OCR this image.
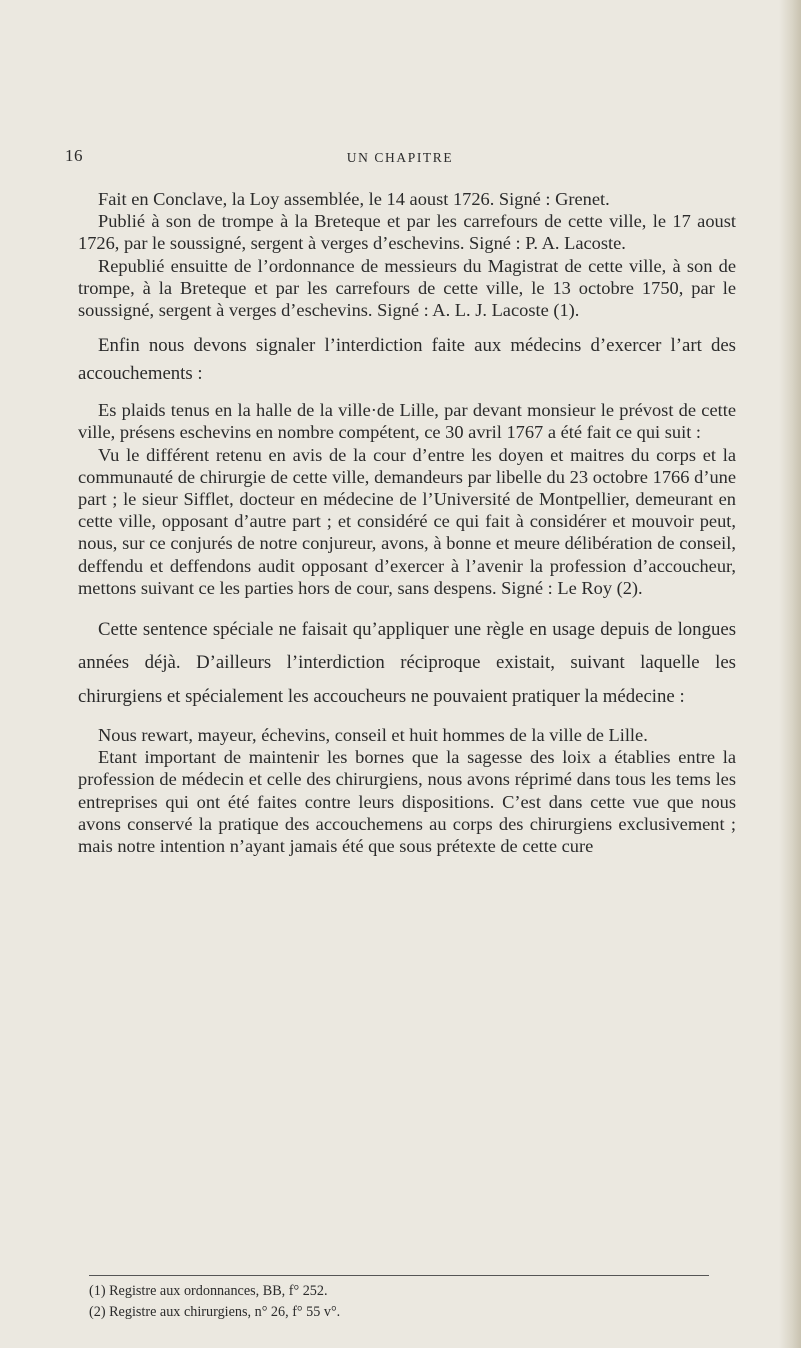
16	UN CHAPITRE

Fait en Conclave, la Loy assemblée, le 14 aoust 1726. Signé : Grenet.

Publié à son de trompe à la Breteque et par les carrefours de cette ville, le 17 aoust 1726, par le soussigné, sergent à verges d’eschevins. Signé : P. A. Lacoste.

Republié ensuitte de l’ordonnance de messieurs du Magistrat de cette ville, à son de trompe, à la Breteque et par les carrefours de cette ville, le 13 octobre 1750, par le soussigné, sergent à verges d’eschevins. Signé : A. L. J. Lacoste (1).

Enfin nous devons signaler l’interdiction faite aux médecins d’exercer l’art des accouchements :

Es plaids tenus en la halle de la ville·de Lille, par devant monsieur le prévost de cette ville, présens eschevins en nombre compétent, ce 30 avril 1767 a été fait ce qui suit :

Vu le différent retenu en avis de la cour d’entre les doyen et maitres du corps et la communauté de chirurgie de cette ville, demandeurs par libelle du 23 octobre 1766 d’une part ; le sieur Sifflet, docteur en médecine de l’Université de Montpellier, demeurant en cette ville, opposant d’autre part ; et considéré ce qui fait à considérer et mouvoir peut, nous, sur ce conjurés de notre conjureur, avons, à bonne et meure délibération de conseil, deffendu et deffendons audit opposant d’exercer à l’avenir la profession d’accoucheur, mettons suivant ce les parties hors de cour, sans despens. Signé : Le Roy (2).

Cette sentence spéciale ne faisait qu’appliquer une règle en usage depuis de longues années déjà. D’ailleurs l’interdiction réciproque existait, suivant laquelle les chirurgiens et spécialement les accoucheurs ne pouvaient pratiquer la médecine :

Nous rewart, mayeur, échevins, conseil et huit hommes de la ville de Lille.

Etant important de maintenir les bornes que la sagesse des loix a établies entre la profession de médecin et celle des chirurgiens, nous avons réprimé dans tous les tems les entreprises qui ont été faites contre leurs dispositions. C’est dans cette vue que nous avons conservé la pratique des accouchemens au corps des chirurgiens exclusivement ; mais notre intention n’ayant jamais été que sous prétexte de cette cure

(1) Registre aux ordonnances, BB, f° 252.

(2) Registre aux chirurgiens, n° 26, f° 55 v°.
